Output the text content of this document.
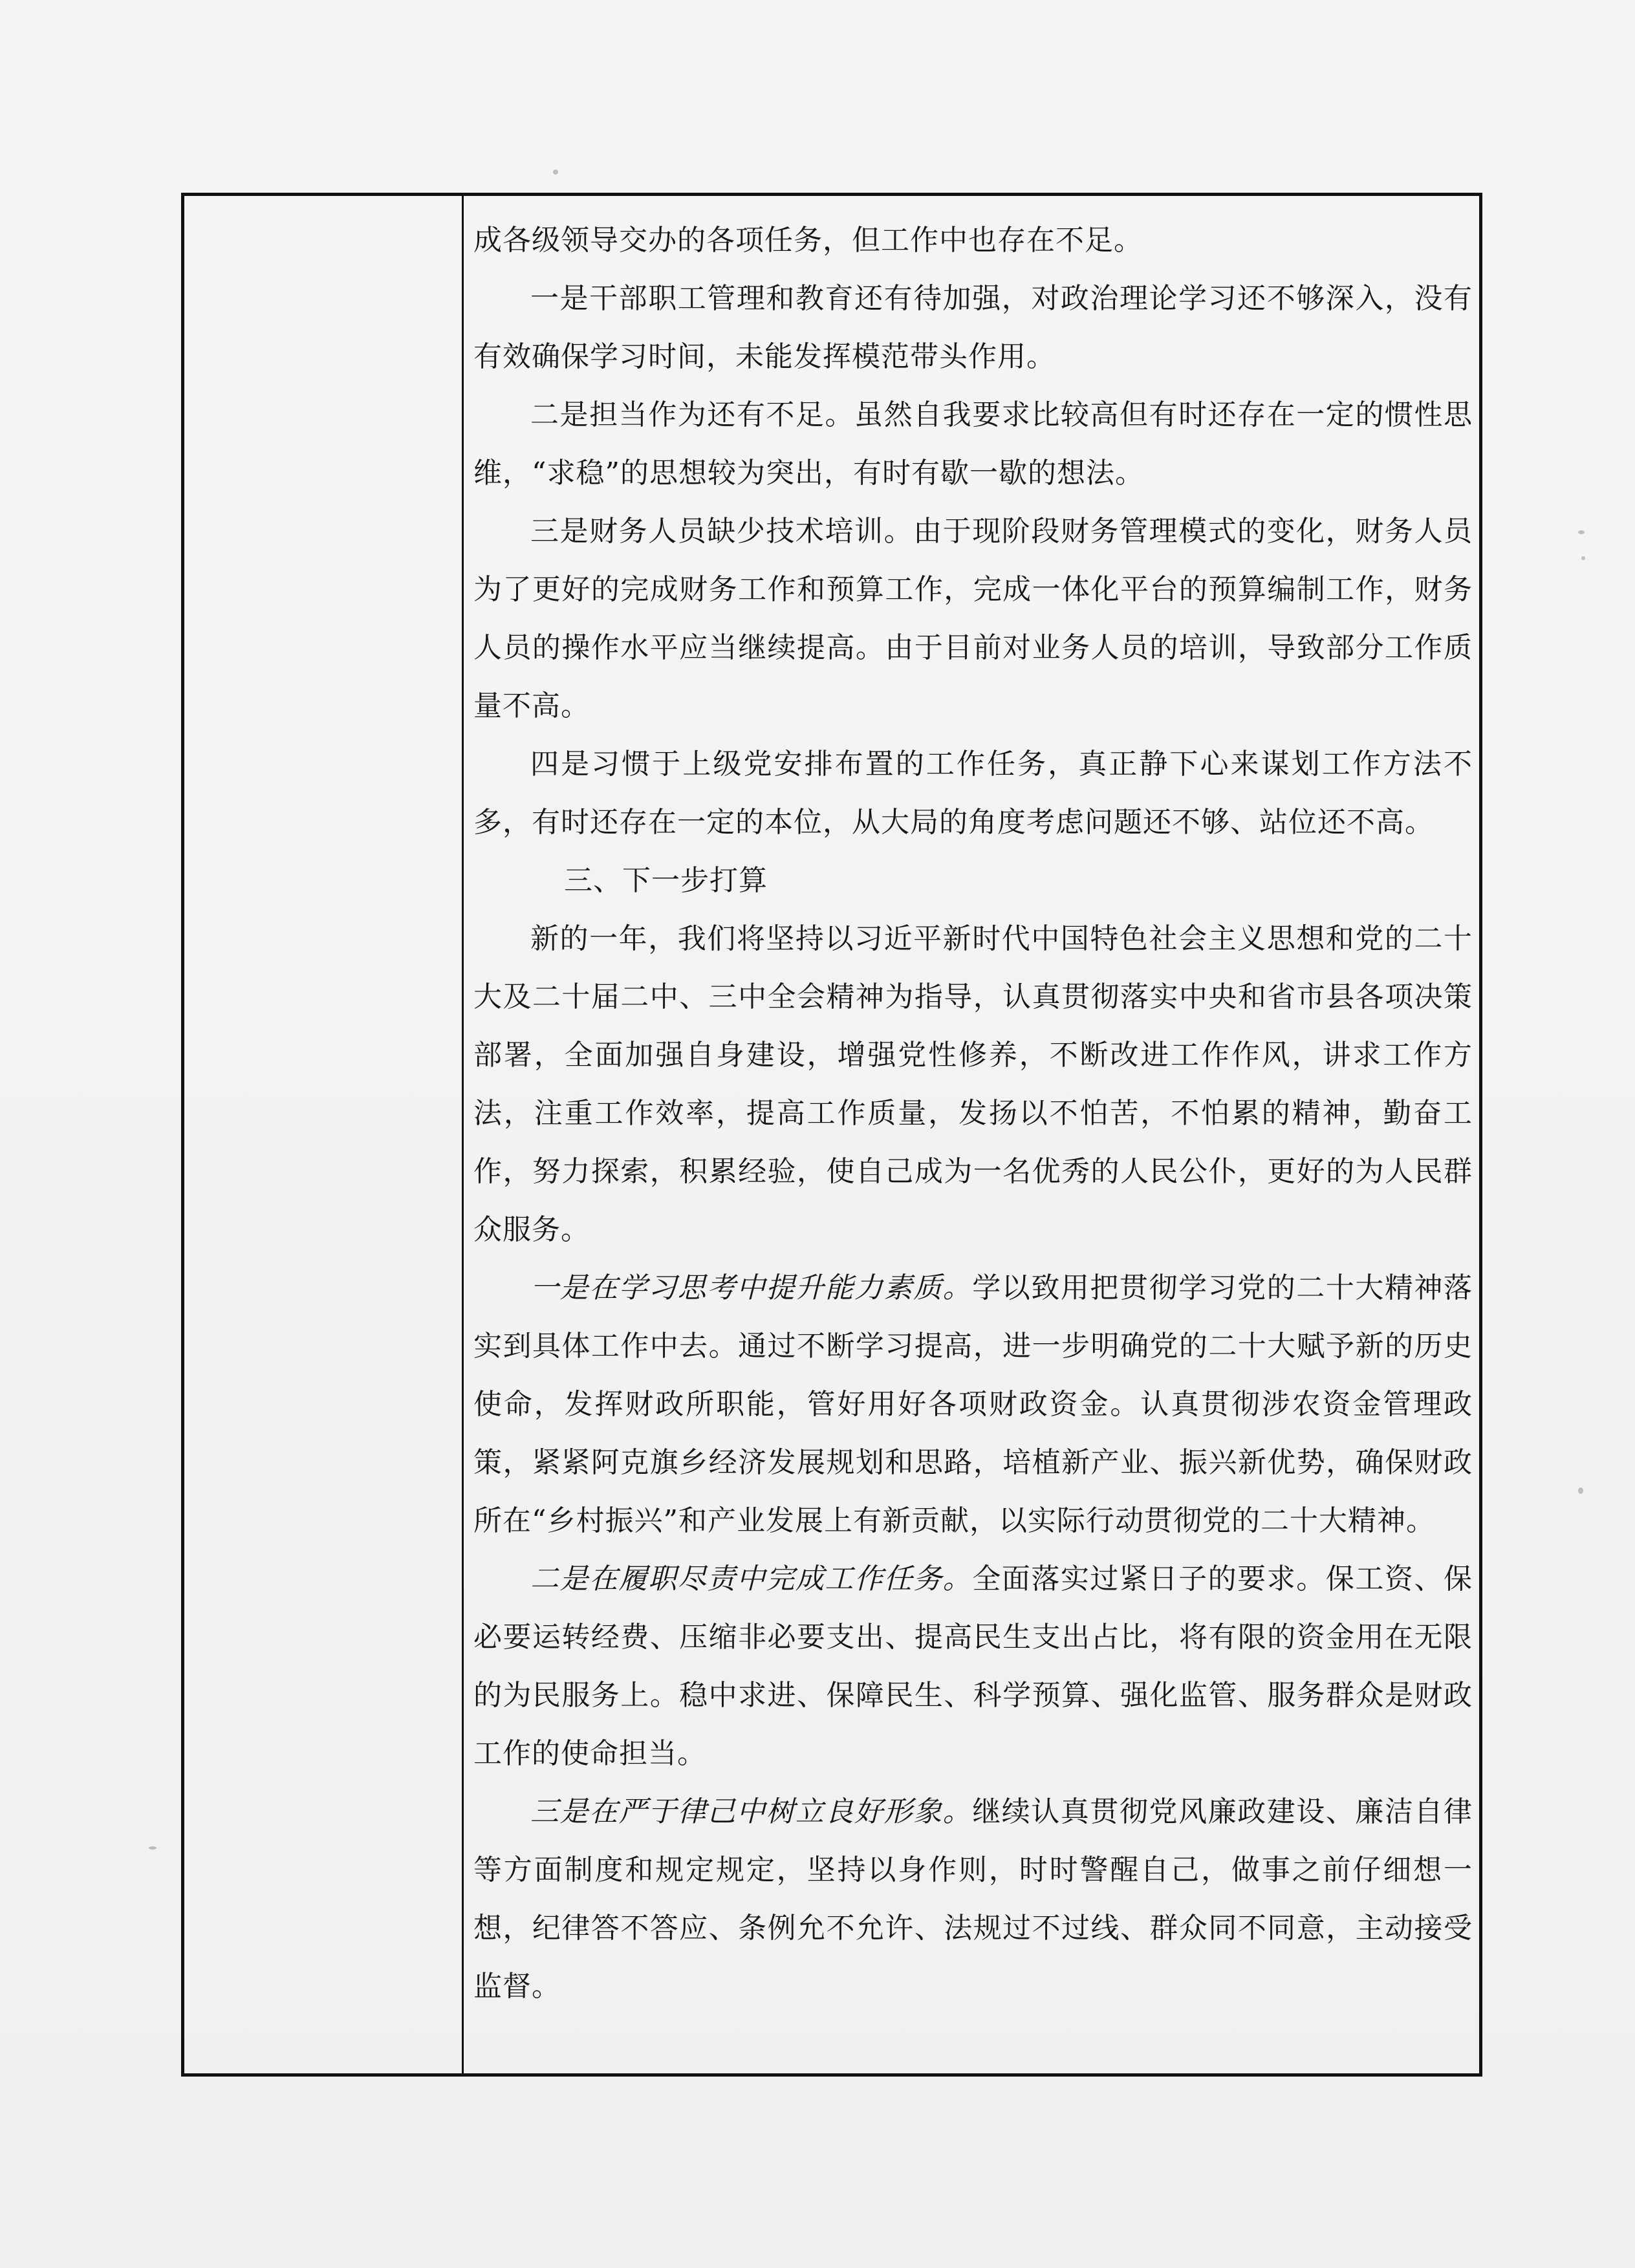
成各级领导交办的各项任务，但工作中也存在不足。

一是干部职工管理和教育还有待加强，对政治理论学习还不够深入，没有有效确保学习时间，未能发挥模范带头作用。

二是担当作为还有不足。虽然自我要求比较高但有时还存在一定的惯性思维，“求稳”的思想较为突出，有时有歇一歇的想法。

三是财务人员缺少技术培训。由于现阶段财务管理模式的变化，财务人员为了更好的完成财务工作和预算工作，完成一体化平台的预算编制工作，财务人员的操作水平应当继续提高。由于目前对业务人员的培训，导致部分工作质量不高。

四是习惯于上级党安排布置的工作任务，真正静下心来谋划工作方法不多，有时还存在一定的本位，从大局的角度考虑问题还不够、站位还不高。

三、下一步打算

新的一年，我们将坚持以习近平新时代中国特色社会主义思想和党的二十大及二十届二中、三中全会精神为指导，认真贯彻落实中央和省市县各项决策部署，全面加强自身建设，增强党性修养，不断改进工作作风，讲求工作方法，注重工作效率，提高工作质量，发扬以不怕苦，不怕累的精神，勤奋工作，努力探索，积累经验，使自己成为一名优秀的人民公仆，更好的为人民群众服务。

一是在学习思考中提升能力素质。学以致用把贯彻学习党的二十大精神落实到具体工作中去。通过不断学习提高，进一步明确党的二十大赋予新的历史使命，发挥财政所职能，管好用好各项财政资金。认真贯彻涉农资金管理政策，紧紧阿克旗乡经济发展规划和思路，培植新产业、振兴新优势，确保财政所在“乡村振兴”和产业发展上有新贡献，以实际行动贯彻党的二十大精神。

二是在履职尽责中完成工作任务。全面落实过紧日子的要求。保工资、保必要运转经费、压缩非必要支出、提高民生支出占比，将有限的资金用在无限的为民服务上。稳中求进、保障民生、科学预算、强化监管、服务群众是财政工作的使命担当。

三是在严于律己中树立良好形象。继续认真贯彻党风廉政建设、廉洁自律等方面制度和规定规定，坚持以身作则，时时警醒自己，做事之前仔细想一想，纪律答不答应、条例允不允许、法规过不过线、群众同不同意，主动接受监督。
